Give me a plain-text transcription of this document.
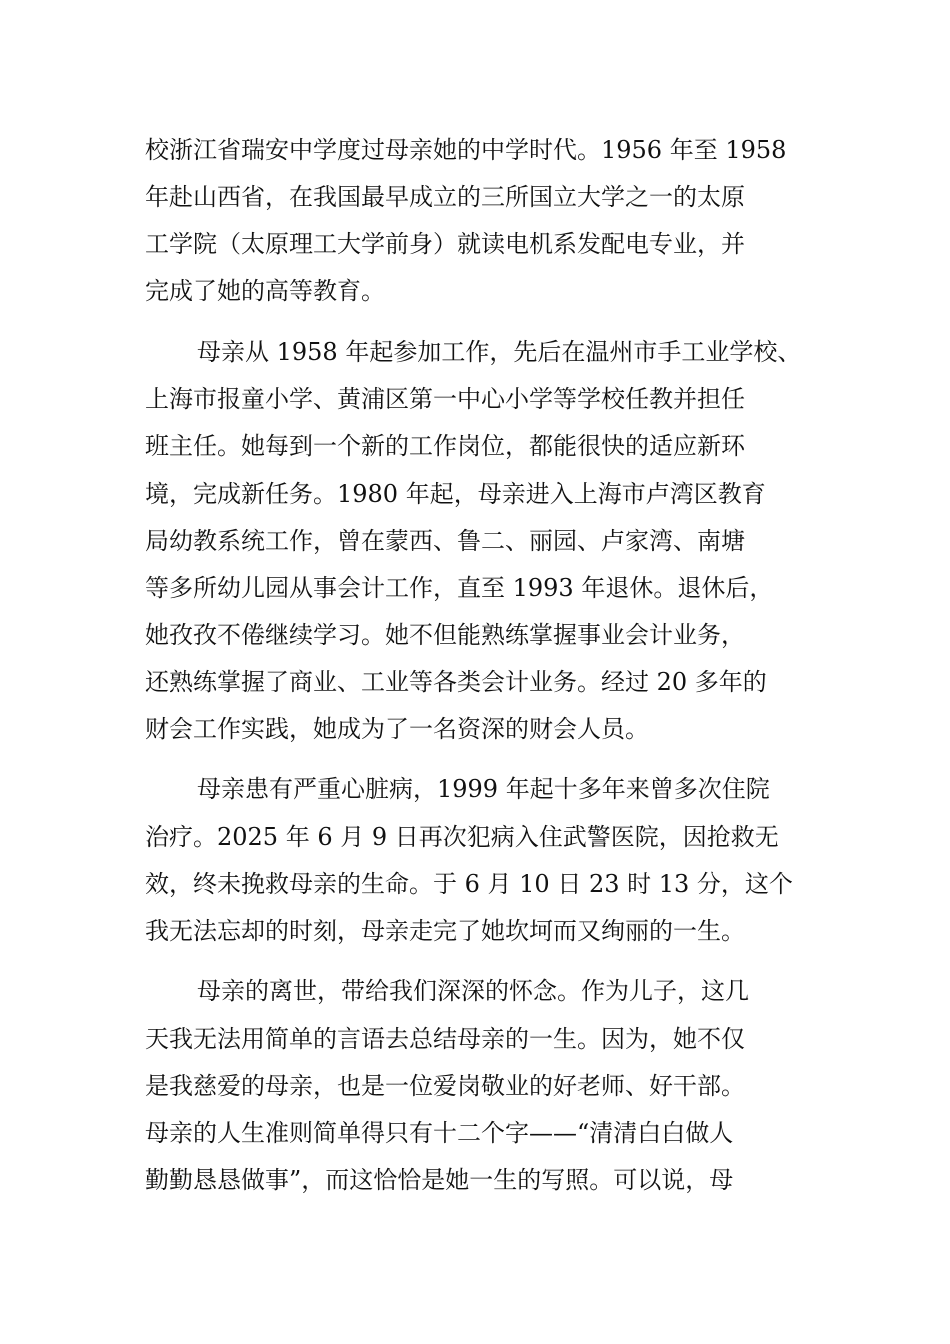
校浙江省瑞安中学度过母亲她的中学时代。1956 年至 1958
年赴山西省，在我国最早成立的三所国立大学之一的太原
工学院（太原理工大学前身）就读电机系发配电专业，并
完成了她的高等教育。
母亲从 1958 年起参加工作，先后在温州市手工业学校、
上海市报童小学、黄浦区第一中心小学等学校任教并担任
班主任。她每到一个新的工作岗位，都能很快的适应新环
境，完成新任务。1980 年起，母亲进入上海市卢湾区教育
局幼教系统工作，曾在蒙西、鲁二、丽园、卢家湾、南塘
等多所幼儿园从事会计工作，直至 1993 年退休。退休后，
她孜孜不倦继续学习。她不但能熟练掌握事业会计业务，
还熟练掌握了商业、工业等各类会计业务。经过 20 多年的
财会工作实践，她成为了一名资深的财会人员。
母亲患有严重心脏病，1999 年起十多年来曾多次住院
治疗。2025 年 6 月 9 日再次犯病入住武警医院，因抢救无
效，终未挽救母亲的生命。于 6 月 10 日 23 时 13 分，这个
我无法忘却的时刻，母亲走完了她坎坷而又绚丽的一生。
母亲的离世，带给我们深深的怀念。作为儿子，这几
天我无法用简单的言语去总结母亲的一生。因为，她不仅
是我慈爱的母亲，也是一位爱岗敬业的好老师、好干部。
母亲的人生准则简单得只有十二个字——“清清白白做人
勤勤恳恳做事”，而这恰恰是她一生的写照。可以说，母
